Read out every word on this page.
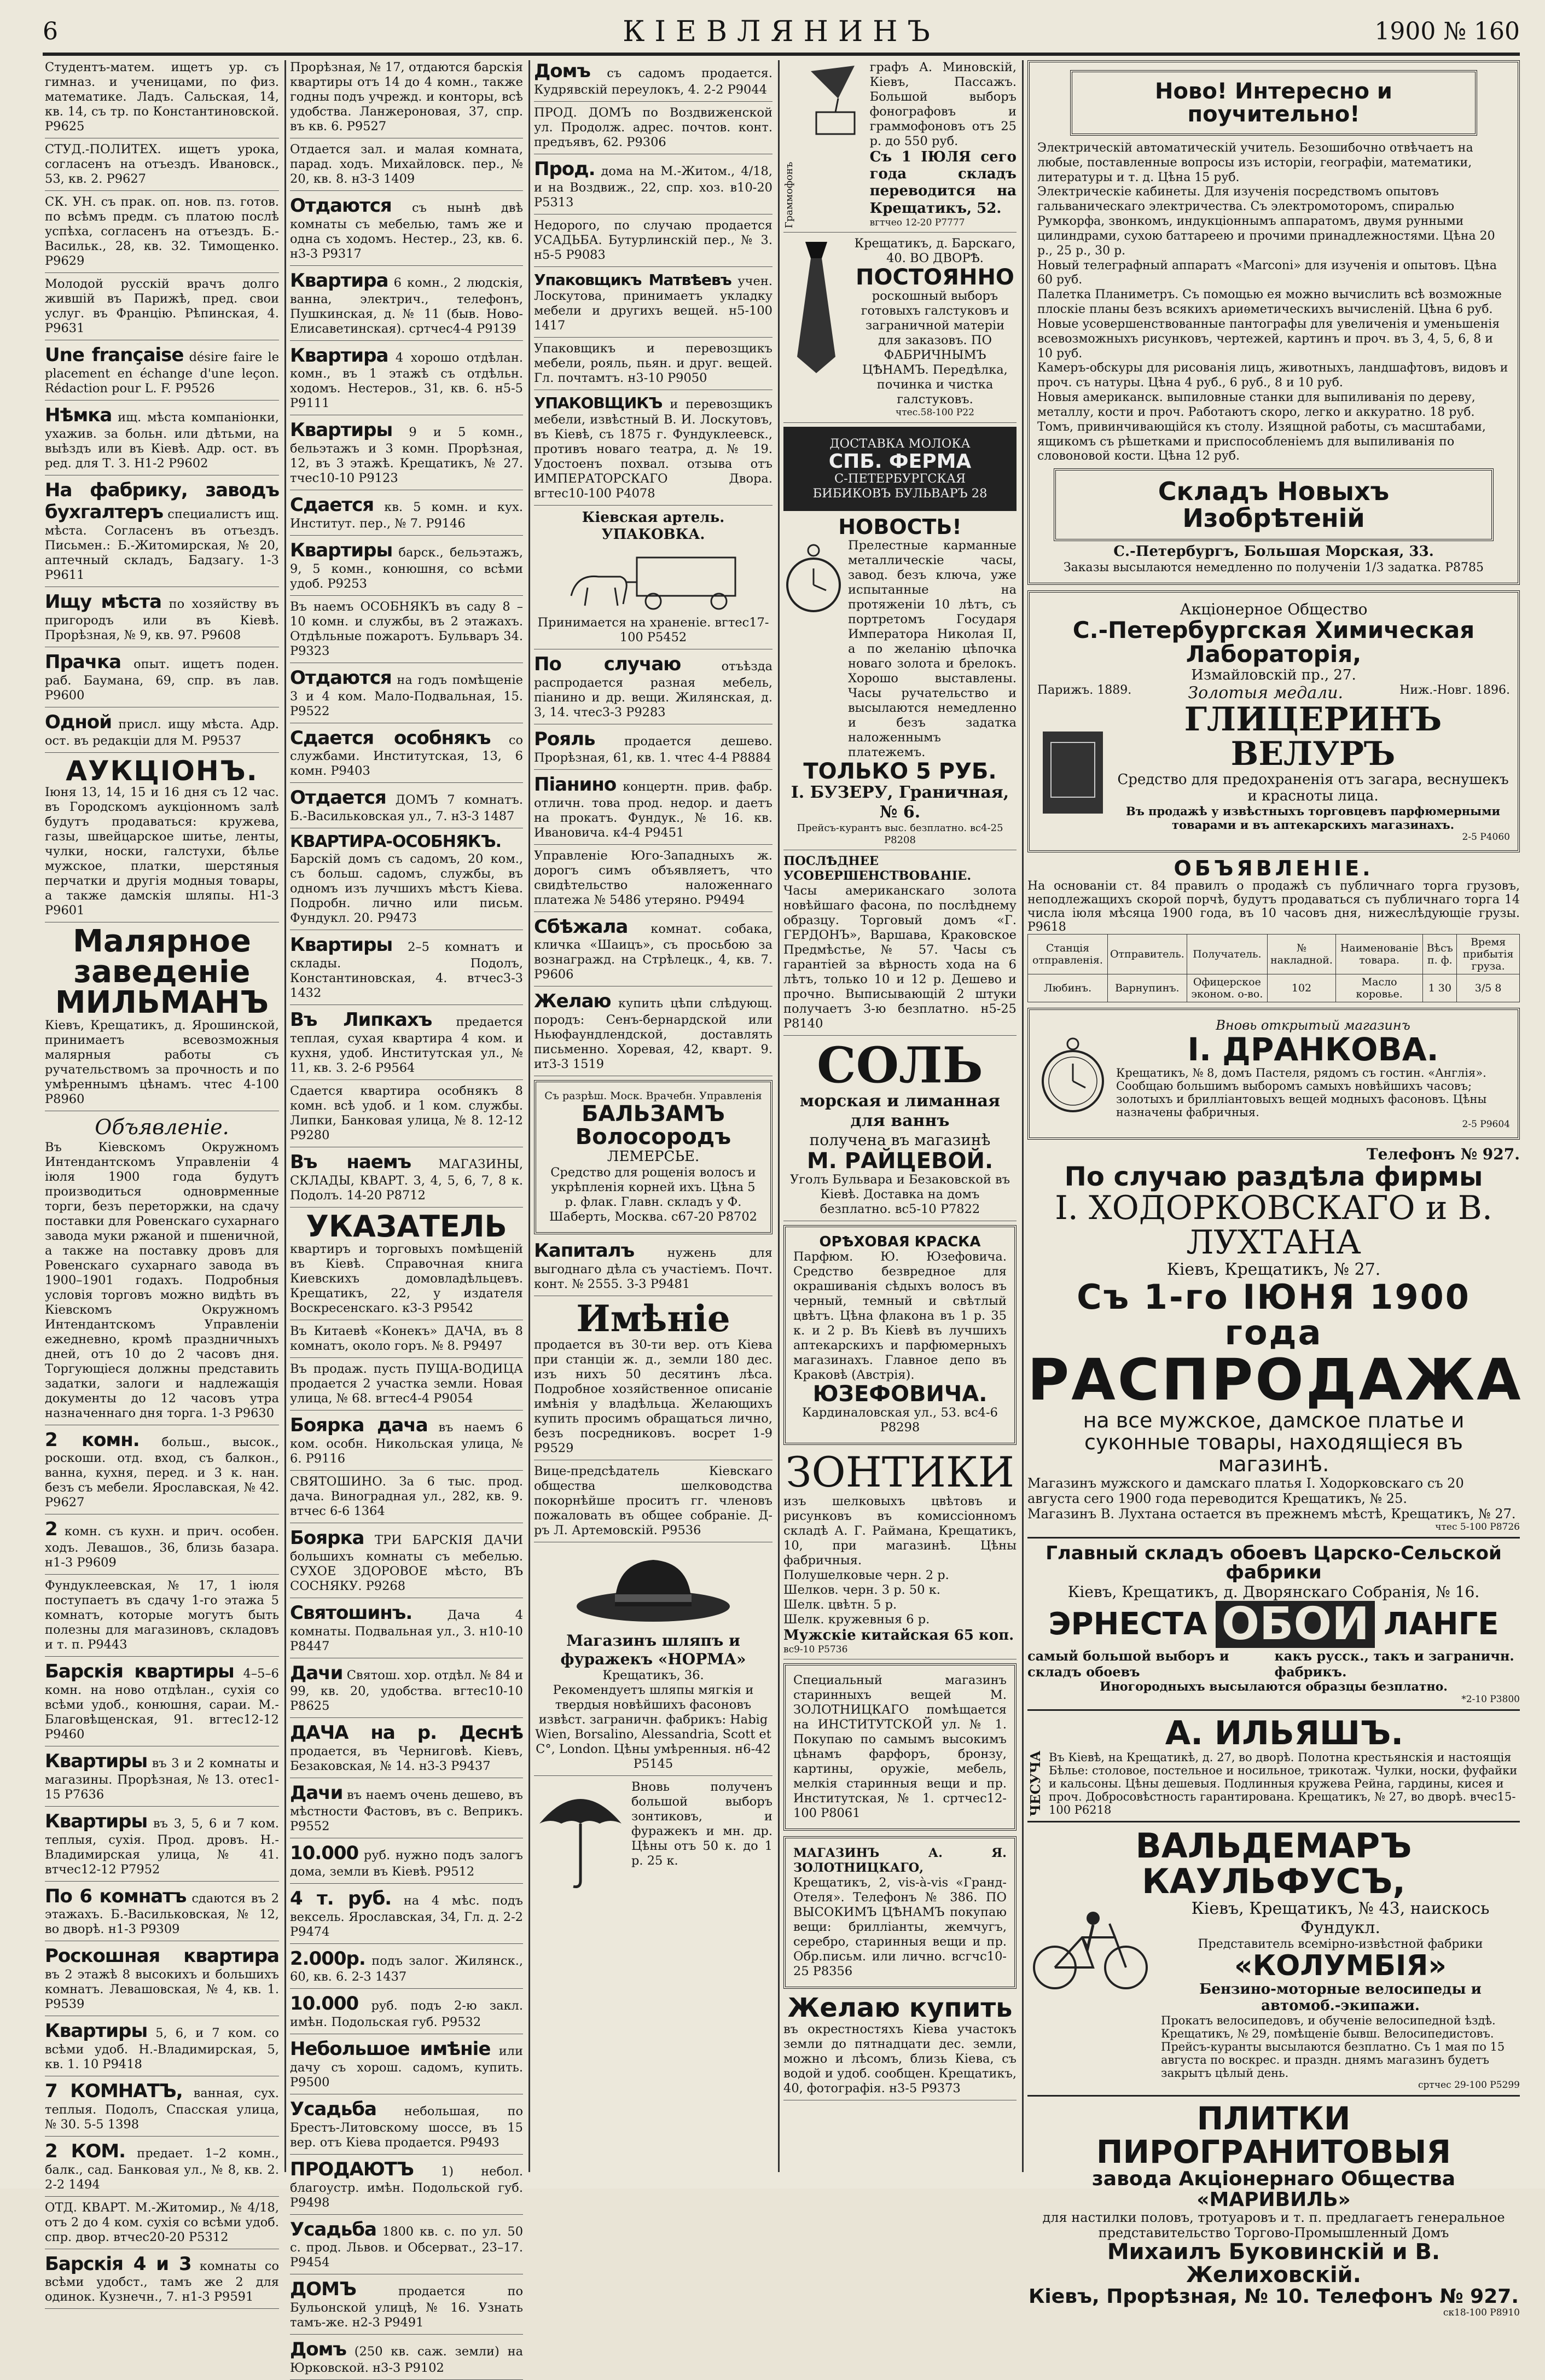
6	КІЕВЛЯНИНЪ	1900 № 160
Студентъ-матем. ищетъ ур. съ гимназ. и ученицами, по физ. математике. Ладъ. Сальская, 14, кв. 14, съ тр. по Константиновской. Р9625
СТУД.-ПОЛИТЕХ. ищетъ урока, согласенъ на отъездъ. Ивановск., 53, кв. 2. Р9627
СК. УН. съ прак. оп. нов. пз. готов. по всѣмъ предм. съ платою послѣ успѣха, согласенъ на отъездъ. Б.-Васильк., 28, кв. 32. Тимощенко. Р9629
Молодой русскій врачъ долго жившій въ Парижѣ, пред. свои услуг. въ Францію. Рѣпинская, 4. Р9631
Une française désire faire le placement en échange d'une leçon. Rédaction pour L. F. Р9526
Нѣмка ищ. мѣста компаніонки, ухажив. за больн. или дѣтьми, на выѣздъ или въ Кіевѣ. Адр. ост. въ ред. для Т. З. Н1-2 Р9602
На фабрику, заводъ бухгалтеръ специалистъ ищ. мѣста. Согласенъ въ отъездъ. Письмен.: Б.-Житомирская, № 20, аптечный складъ, Бадзагу. 1-3 Р9611
Ищу мѣста по хозяйству въ пригородъ или въ Кіевѣ. Прорѣзная, № 9, кв. 97. Р9608
Прачка опыт. ищетъ поден. раб. Баумана, 69, спр. въ лав. Р9600
Одной присл. ищу мѣста. Адр. ост. въ редакціи для М. Р9537
АУКЦІОНЪ.
Іюня 13, 14, 15 и 16 дня съ 12 час. въ Городскомъ аукціонномъ залѣ будутъ продаваться: кружева, газы, швейцарское шитье, ленты, чулки, носки, галстухи, бѣлье мужское, платки, шерстяныя перчатки и другія модныя товары, а также дамскія шляпы. Н1-3 Р9601
Малярное заведеніе МИЛЬМАНЪ
Кіевъ, Крещатикъ, д. Ярошинской, принимаетъ всевозможныя малярныя работы съ ручательствомъ за прочность и по умѣреннымъ цѣнамъ. чтес 4-100 Р8960
Объявленіе.
Въ Кіевскомъ Окружномъ Интендантскомъ Управленіи 4 іюля 1900 года будутъ производиться одноврменные торги, безъ переторжки, на сдачу поставки для Ровенскаго сухарнаго завода муки ржаной и пшеничной, а также на поставку дровъ для Ровенскаго сухарнаго завода въ 1900–1901 годахъ. Подробныя условія торговъ можно видѣть въ Кіевскомъ Окружномъ Интендантскомъ Управленіи ежедневно, кромѣ праздничныхъ дней, отъ 10 до 2 часовъ дня. Торгующіеся должны представить задатки, залоги и надлежащія документы до 12 часовъ утра назначеннаго дня торга. 1-3 Р9630
2 комн. больш., высок., роскоши. отд. вход, съ балкон., ванна, кухня, перед. и 3 к. нан. безъ съ мебели. Ярославская, № 42. Р9627
2 комн. съ кухн. и прич. особен. ходъ. Левашов., 36, близь базара. н1-3 Р9609
Фундуклеевская, № 17, 1 іюля поступаетъ въ сдачу 1-го этажа 5 комнатъ, которые могутъ быть полезны для магазиновъ, складовъ и т. п. Р9443
Барскія квартиры 4–5–6 комн. на ново отдѣлан., сухія со всѣми удоб., конюшня, сараи. М.-Благовѣщенская, 91. вгтес12-12 Р9460
Квартиры въ 3 и 2 комнаты и магазины. Прорѣзная, № 13. отес1-15 Р7636
Квартиры въ 3, 5, 6 и 7 ком. теплыя, сухія. Прод. дровъ. Н.-Владимирская улица, № 41. втчес12-12 Р7952
По 6 комнатъ сдаются въ 2 этажахъ. Б.-Васильковская, № 12, во дворѣ. н1-3 Р9309
Роскошная квартира въ 2 этажѣ 8 высокихъ и большихъ комнатъ. Левашовская, № 4, кв. 1. Р9539
Квартиры 5, 6, и 7 ком. со всѣми удоб. Н.-Владимирская, 5, кв. 1. 10 Р9418
7 КОМНАТЪ, ванная, сух. теплыя. Подолъ, Спасская улица, № 30. 5-5 1398
2 КОМ. предает. 1–2 комн., балк., сад. Банковая ул., № 8, кв. 2. 2-2 1494
ОТД. КВАРТ. М.-Житомир., № 4/18, отъ 2 до 4 ком. сухія со всѣми удоб. спр. двор. втчес20-20 Р5312
Барскія 4 и 3 комнаты со всѣми удобст., тамъ же 2 для одинок. Кузнечн., 7. н1-3 Р9591
Прорѣзная, № 17, отдаются барскія квартиры отъ 14 до 4 комн., также годны подъ учрежд. и конторы, всѣ удобства. Ланжероновая, 37, спр. въ кв. 6. Р9527
Отдается зал. и малая комната, парад. ходъ. Михайловск. пер., № 20, кв. 8. н3-3 1409
Отдаются съ нынѣ двѣ комнаты съ мебелью, тамъ же и одна съ ходомъ. Нестер., 23, кв. 6. н3-3 Р9317
Квартира 6 комн., 2 людскія, ванна, электрич., телефонъ, Пушкинская, д. № 11 (быв. Ново-Елисаветинская). сртчес4-4 Р9139
Квартира 4 хорошо отдѣлан. комн., въ 1 этажѣ съ отдѣльн. ходомъ. Нестеров., 31, кв. 6. н5-5 Р9111
Квартиры 9 и 5 комн., бельэтажъ и 3 комн. Прорѣзная, 12, въ 3 этажѣ. Крещатикъ, № 27. тчес10-10 Р9123
Сдается кв. 5 комн. и кух. Институт. пер., № 7. Р9146
Квартиры барск., бельэтажъ, 9, 5 комн., конюшня, со всѣми удоб. Р9253
Въ наемъ ОСОБНЯКЪ въ саду 8 – 10 комн. и службы, въ 2 этажахъ. Отдѣльные пожаротъ. Бульваръ 34. Р9323
Отдаются на годъ помѣщеніе 3 и 4 ком. Мало-Подвальная, 15. Р9522
Сдается особнякъ со службами. Институтская, 13, 6 комн. Р9403
Отдается ДОМЪ 7 комнатъ. Б.-Васильковская ул., 7. н3-3 1487
КВАРТИРА-ОСОБНЯКЪ. Барскій домъ съ садомъ, 20 ком., съ больш. садомъ, службы, въ одномъ изъ лучшихъ мѣстъ Кіева. Подробн. лично или письм. Фундукл. 20. Р9473
Квартиры 2–5 комнатъ и склады. Подолъ, Константиновская, 4. втчес3-3 1432
Въ Липкахъ предается теплая, сухая квартира 4 ком. и кухня, удоб. Институтская ул., № 11, кв. 3. 2-6 Р9564
Сдается квартира особнякъ 8 комн. всѣ удоб. и 1 ком. службы. Липки, Банковая улица, № 8. 12-12 Р9280
Въ наемъ МАГАЗИНЫ, СКЛАДЫ, КВАРТ. 3, 4, 5, 6, 7, 8 к. Подолъ. 14-20 Р8712
УКАЗАТЕЛЬ
квартиръ и торговыхъ помѣщеній въ Кіевѣ. Справочная книга Киевскихъ домовладѣльцевъ. Крещатикъ, 22, у издателя Воскресенскаго. к3-3 Р9542
Въ Китаевѣ «Конекъ» ДАЧА, въ 8 комнатъ, около горъ. № 8. Р9497
Въ продаж. пусть ПУЩА-ВОДИЦА продается 2 участка земли. Новая улица, № 68. вгтес4-4 Р9054
Боярка дача въ наемъ 6 ком. особн. Никольская улица, № 6. Р9116
СВЯТОШИНО. За 6 тыс. прод. дача. Виноградная ул., 282, кв. 9. втчес 6-6 1364
Боярка ТРИ БАРСКІЯ ДАЧИ большихъ комнаты съ мебелью. СУХОЕ ЗДОРОВОЕ мѣсто, ВЪ СОСНЯКУ. Р9268
Святошинъ.	Дача 4 комнаты. Подвальная ул., 3. н10-10 Р8447
Дачи Святош. хор. отдѣл. № 84 и 99, кв. 20, удобства. вгтес10-10 Р8625
ДАЧА на р. Деснѣ продается, въ Черниговѣ. Кіевъ, Безаковская, № 14. н3-3 Р9437
Дачи въ наемъ очень дешево, въ мѣстности Фастовъ, въ с. Веприкъ. Р9552
10.000 руб. нужно подъ залогъ дома, земли въ Кіевѣ. Р9512
4 т. руб. на 4 мѣс. подъ вексель. Ярославская, 34, Гл. д. 2-2 Р9474
2.000р. подъ залог. Жилянск., 60, кв. 6. 2-3 1437
10.000 руб. подъ 2-ю закл. имѣн. Подольская губ. Р9532
Небольшое имѣніе или дачу съ хорош. садомъ, купить. Р9500
Усадьба небольшая, по Брестъ-Литовскому шоссе, въ 15 вер. отъ Кіева продается. Р9493
ПРОДАЮТЪ 1) небол. благоустр. имѣн. Подольской губ. Р9498
Усадьба 1800 кв. с. по ул. 50 с. прод. Львов. и Обсерват., 23–17. Р9454
ДОМЪ	продается по Бульонской улицѣ, № 16. Узнать тамъ-же. н2-3 Р9491
Домъ (250 кв. саж. земли) на Юрковской. н3-3 Р9102
Домъ съ садомъ продается. Кудрявскій переулокъ, 4. 2-2 Р9044
ПРОД. ДОМЪ по Воздвиженской ул. Продолж. адрес. почтов. конт. предъявъ, 62. Р9306
Прод. дома на М.-Житом., 4/18, и на Воздвиж., 22, спр. хоз. в10-20 Р5313
Недорого, по случаю продается УСАДЬБА. Бутурлинскій пер., № 3. н5-5 Р9083
Упаковщикъ Матвѣевъ учен. Лоскутова, принимаетъ укладку мебели и другихъ вещей. н5-100 1417
Упаковщикъ и перевозщикъ мебели, рояль, пьян. и друг. вещей. Гл. почтамтъ. н3-10 Р9050
УПАКОВЩИКЪ и перевозщикъ мебели, извѣстный В. И. Лоскутовъ, въ Кіевѣ, съ 1875 г. Фундуклеевск., противъ новаго театра, д. № 19. Удостоенъ похвал. отзыва отъ ИМПЕРАТОРСКАГО Двора. вгтес10-100 Р4078
Кіевская артель. УПАКОВКА.
Принимается на храненіе. вгтес17-100 Р5452
По случаю	отъѣзда распродается разная мебель, піанино и др. вещи. Жилянская, д. 3, 14. чтес3-3 Р9283
Рояль продается дешево. Прорѣзная, 61, кв. 1. чтес 4-4 Р8884
Піанино концертн. прив. фабр. отличн. това прод. недор. и даетъ на прокатъ. Фундук., № 16. кв. Ивановича. к4-4 Р9451
Управленіе Юго-Западныхъ ж. дорогъ симъ объявляетъ, что свидѣтельство наложеннаго платежа № 5486 утеряно. Р9494
Сбѣжала комнат. собака, кличка «Шаицъ», съ просьбою за вознагражд. на Стрѣлецк., 4, кв. 7. Р9606
Желаю купить цѣпи слѣдующ. породъ: Сенъ-бернардской или Ньюфаундлендской, доставлять письменно. Хоревая, 42, кварт. 9. ит3-3 1519
Съ разрѣш. Моск. Врачебн. Управленія
БАЛЬЗАМЪ Волосородъ
ЛЕМЕРСЬЕ.
Средство для рощенія волосъ и укрѣпленія корней ихъ. Цѣна 5 р. флак. Главн. складъ у Ф. Шаберть, Москва. с67-20 Р8702
Капиталъ	нужень для выгоднаго дѣла съ участіемъ. Почт. конт. № 2555. 3-3 Р9481
Имѣніе
продается въ 30-ти вер. отъ Кіева при станціи ж. д., земли 180 дес. изъ нихъ 50 десятинъ лѣса. Подробное хозяйственное описаніе имѣнія у владѣльца. Желающихъ купить просимъ обращаться лично, безъ посредниковъ. восрет 1-9 Р9529
Вице-предсѣдатель Кіевскаго общества шелководства покорнѣйше проситъ гг. членовъ пожаловать въ общее собраніе. Д-ръ Л. Артемовскій. Р9536
Магазинъ шляпъ и фуражекъ «НОРМА»
Крещатикъ, 36.
Рекомендуетъ шляпы мягкія и твердыя новѣйшихъ фасоновъ извѣст. заграничн. фабрикъ: Habig Wien, Borsalino, Alessandria, Scott et C°, London. Цѣны умѣренныя. н6-42 Р5145
Вновь полученъ большой выборъ зонтиковъ, и фуражекъ и мн. др. Цѣны отъ 50 к. до 1 р. 25 к.
Граммофонъ
графъ А. Миновскій, Кіевъ, Пассажъ. Большой выборъ фонографовъ и граммофоновъ отъ 25 р. до 550 руб.
Съ 1 ІЮЛЯ сего года складъ переводится на Крещатикъ, 52.
вгтчео 12-20 Р7777
Крещатикъ, д. Барскаго, 40. ВО ДВОРѢ.
ПОСТОЯННО
роскошный выборъ готовыхъ галстуковъ и заграничной матеріи для заказовъ. ПО ФАБРИЧНЫМЪ ЦѢНАМЪ. Передѣлка, починка и чистка галстуковъ.
чтес.58-100 Р22
ДОСТАВКА МОЛОКА
СПБ. ФЕРМА
С-ПЕТЕРБУРГСКАЯ
БИБИКОВЪ БУЛЬВАРЪ 28
НОВОСТЬ!
Прелестные карманные металлическіе часы, завод. безъ ключа, уже испытанные на протяженіи 10 лѣтъ, съ портретомъ Государя Императора Николая II, а по желанію цѣпочка новаго золота и брелокъ. Хорошо выставлены. Часы ручательство и высылаются немедленно и безъ задатка наложеннымъ платежемъ.
ТОЛЬКО 5 РУБ.
І. БУЗЕРУ, Граничная, № 6.
Прейсъ-курантъ выс. безплатно. вс4-25 Р8208
ПОСЛѢДНЕЕ УСОВЕРШЕНСТВОВАНІЕ.
Часы американскаго золота новѣйшаго фасона, по послѣднему образцу. Торговый домъ «Г. ГЕРДОНЪ», Варшава, Краковское Предмѣстье, № 57. Часы съ гарантіей за вѣрность хода на 6 лѣтъ, только 10 и 12 р. Дешево и прочно. Выписывающій 2 штуки получаетъ 3-ю безплатно. н5-25 Р8140
СОЛЬ
морская и лиманная для ваннъ
получена въ магазинѣ
М. РАЙЦЕВОЙ.
Уголъ Бульвара и Безаковской въ Кіевѣ. Доставка на домъ безплатно. вс5-10 Р7822
ОРѢХОВАЯ КРАСКА
Парфюм. Ю. Юзефовича. Средство безвредное для окрашиванія сѣдыхъ волосъ въ черный, темный и свѣтлый цвѣтъ. Цѣна флакона въ 1 р. 35 к. и 2 р. Въ Кіевѣ въ лучшихъ аптекарскихъ и парфюмерныхъ магазинахъ. Главное депо въ Краковѣ (Австрія).
ЮЗЕФОВИЧА.
Кардиналовская ул., 53. вс4-6 Р8298
ЗОНТИКИ
изъ шелковыхъ цвѣтовъ и рисунковъ въ комиссіонномъ складѣ А. Г. Раймана, Крещатикъ, 10, при магазинѣ. Цѣны фабричныя.
Полушелковые черн. 2 р.
Шелков. черн. 3 р. 50 к.
Шелк. цвѣтн. 5 р.
Шелк. кружевныя 6 р.
Мужскіе китайская 65 коп.
вс9-10 Р5736
Специальный магазинъ старинныхъ вещей М. ЗОЛОТНИЦКАГО помѣщается на ИНСТИТУТСКОЙ ул. № 1. Покупаю по самымъ высокимъ цѣнамъ фарфоръ, бронзу, картины, оружіе, мебель, мелкія старинныя вещи и пр. Институтская, № 1. сртчес12-100 Р8061
МАГАЗИНЪ А. Я. ЗОЛОТНИЦКАГО,
Крещатикъ, 2, vis-à-vis «Гранд-Отеля». Телефонъ № 386. ПО ВЫСОКИМЪ ЦѢНАМЪ покупаю вещи: брилліанты, жемчугъ, серебро, старинныя вещи и пр. Обр.письм. или лично. всгчс10-25 Р8356
Желаю купить
въ окрестностяхъ Кіева участокъ земли до пятнадцати дес. земли, можно и лѣсомъ, близь Кіева, съ водой и удоб. сообщен. Крещатикъ, 40, фотографія. н3-5 Р9373
Ново! Интересно и поучительно!
Электрическій автоматическій учитель. Безошибочно отвѣчаетъ на любые, поставленные вопросы изъ исторіи, географіи, математики, литературы и т. д. Цѣна 15 руб.
Электрическіе кабинеты. Для изученія посредствомъ опытовъ гальваническаго электричества. Съ электромоторомъ, спиралью Румкорфа, звонкомъ, индукціоннымъ аппаратомъ, двумя рунными цилиндрами, сухою баттареею и прочими принадлежностями. Цѣна 20 р., 25 р., 30 р.
Новый телеграфный аппаратъ «Marconi» для изученія и опытовъ. Цѣна 60 руб.
Палетка Планиметръ. Съ помощью ея можно вычислить всѣ возможные плоскіе планы безъ всякихъ ариѳметическихъ вычисленій. Цѣна 6 руб.
Новые усовершенствованные пантографы для увеличенія и уменьшенія всевозможныхъ рисунковъ, чертежей, картинъ и проч. въ 3, 4, 5, 6, 8 и 10 руб.
Камеръ-обскуры для рисованія лицъ, животныхъ, ландшафтовъ, видовъ и проч. съ натуры. Цѣна 4 руб., 6 руб., 8 и 10 руб.
Новыя американск. выпиловные станки для выпиливанія по дереву, металлу, кости и проч. Работаютъ скоро, легко и аккуратно. 18 руб.
Томъ, привинчивающійся къ столу. Изящной работы, съ масштабами, ящикомъ съ рѣшетками и приспособленіемъ для выпиливанія по словоновой кости. Цѣна 12 руб.
Складъ Новыхъ Изобрѣтеній
С.-Петербургъ, Большая Морская, 33.
Заказы высылаются немедленно по полученіи 1/3 задатка. Р8785
Акціонерное Общество
С.-Петербургская Химическая Лабораторія,
Измайловскій пр., 27.
Парижъ. 1889.	Золотыя медали.	Ниж.-Новг. 1896.
ГЛИЦЕРИНЪ ВЕЛУРЪ
Средство для предохраненія отъ загара, веснушекъ и красноты лица.
Въ продажѣ у извѣстныхъ торговцевъ парфюмерными товарами и въ аптекарскихъ магазинахъ.
2-5 Р4060
ОБЪЯВЛЕНІЕ.
На основаніи ст. 84 правилъ о продажѣ съ публичнаго торга грузовъ, неподлежащихъ скорой порчѣ, будутъ продаваться съ публичнаго торга 14 числа іюля мѣсяца 1900 года, въ 10 часовъ дня, нижеслѣдующіе грузы. Р9618
Станція отправленія.	Отправитель.	Получатель.	№ накладной.	Наименованіе товара.	Вѣсъ п. ф.	Время прибытія груза.
Любинъ.	Варнупинъ.	Офицерское эконом. о-во.	102	Масло коровье.	1 30	3/5 8
Вновь открытый магазинъ
І. ДРАНКОВА.
Крещатикъ, № 8, домъ Пастеля, рядомъ съ гостин. «Англія». Сообщаю большимъ выборомъ самыхъ новѣйшихъ часовъ; золотыхъ и брилліантовыхъ вещей модныхъ фасоновъ. Цѣны назначены фабричныя.
2-5 Р9604
Телефонъ № 927.
По случаю раздѣла фирмы
І. ХОДОРКОВСКАГО и В. ЛУХТАНА
Кіевъ, Крещатикъ, № 27.
Съ 1-го ІЮНЯ 1900 года
РАСПРОДАЖА
на все мужское, дамское платье и суконные товары, находящіеся въ магазинѣ.
Магазинъ мужского и дамскаго платья І. Ходорковскаго съ 20 августа сего 1900 года переводится Крещатикъ, № 25.
Магазинъ В. Лухтана остается въ прежнемъ мѣстѣ, Крещатикъ, № 27.
чтес 5-100 Р8726
Главный складъ обоевъ Царско-Сельской фабрики
Кіевъ, Крещатикъ, д. Дворянскаго Собранія, № 16.
ЭРНЕСТА ОБОИ ЛАНГЕ
самый большой выборъ и складъ обоевъ
какъ русск., такъ и заграничн. фабрикъ.
Иногородныхъ высылаются образцы безплатно.
*2-10 Р3800
ЧЕСУЧА
А. ИЛЬЯШЪ.
Въ Кіевѣ, на Крещатикѣ, д. 27, во дворѣ. Полотна крестьянскія и настоящія Бѣлье: столовое, постельное и носильное, трикотаж. Чулки, носки, фуфайки и кальсоны. Цѣны дешевыя. Подлинныя кружева Рейна, гардины, кисея и проч. Добросовѣстность гарантирована. Крещатикъ, № 27, во дворѣ. вчес15-100 Р6218
ВАЛЬДЕМАРЪ КАУЛЬФУСЪ,
Кіевъ, Крещатикъ, № 43, наискось Фундукл.
Представитель всемірно-извѣстной фабрики
«КОЛУМБІЯ»
Бензино-моторные велосипеды и автомоб.-экипажи.
Прокатъ велосипедовъ, и обученіе велосипедной ѣздѣ. Крещатикъ, № 29, помѣщеніе бывш. Велосипедистовъ. Прейсъ-куранты высылаются безплатно. Съ 1 мая по 15 августа по воскрес. и праздн. днямъ магазинъ будетъ закрытъ цѣлый день.
сртчес 29-100 Р5299
ПЛИТКИ ПИРОГРАНИТОВЫЯ
завода Акціонернаго Общества «МАРИВИЛЬ»
для настилки половъ, тротуаровъ и т. п. предлагаетъ генеральное представительство Торгово-Промышленный Домъ
Михаилъ Буковинскій и В. Желиховскій.
Кіевъ, Прорѣзная, № 10. Телефонъ № 927.
ск18-100 Р8910
